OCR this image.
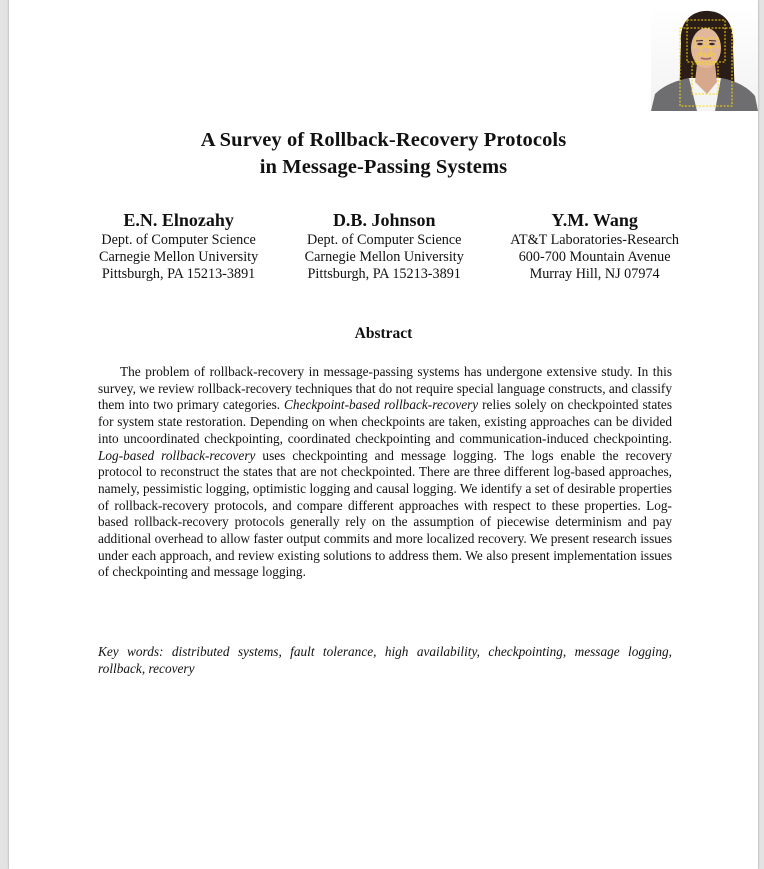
A Survey of Rollback-Recovery Protocols
in Message-Passing Systems
E.N. Elnozahy
Dept. of Computer Science
Carnegie Mellon University
Pittsburgh, PA 15213-3891
D.B. Johnson
Dept. of Computer Science
Carnegie Mellon University
Pittsburgh, PA 15213-3891
Y.M. Wang
AT&T Laboratories-Research
600-700 Mountain Avenue
Murray Hill, NJ 07974
Abstract

The problem of rollback-recovery in message-passing systems has undergone extensive study. In this survey, we review rollback-recovery techniques that do not require special language constructs, and classify them into two primary categories. Checkpoint-based rollback-recovery relies solely on checkpointed states for system state restoration. Depending on when checkpoints are taken, existing approaches can be divided into uncoordinated checkpointing, coordinated checkpointing and communication-induced checkpointing. Log-based rollback-recovery uses checkpointing and message logging. The logs enable the recovery protocol to reconstruct the states that are not checkpointed. There are three different log-based approaches, namely, pessimistic logging, optimistic logging and causal logging. We identify a set of desirable properties of rollback-recovery protocols, and compare different approaches with respect to these properties. Log-based rollback-recovery protocols generally rely on the assumption of piecewise determinism and pay additional overhead to allow faster output commits and more localized recovery. We present research issues under each approach, and review existing solutions to address them. We also present implementation issues of checkpointing and message logging.

Key words: distributed systems, fault tolerance, high availability, checkpointing, message logging, rollback, recovery
